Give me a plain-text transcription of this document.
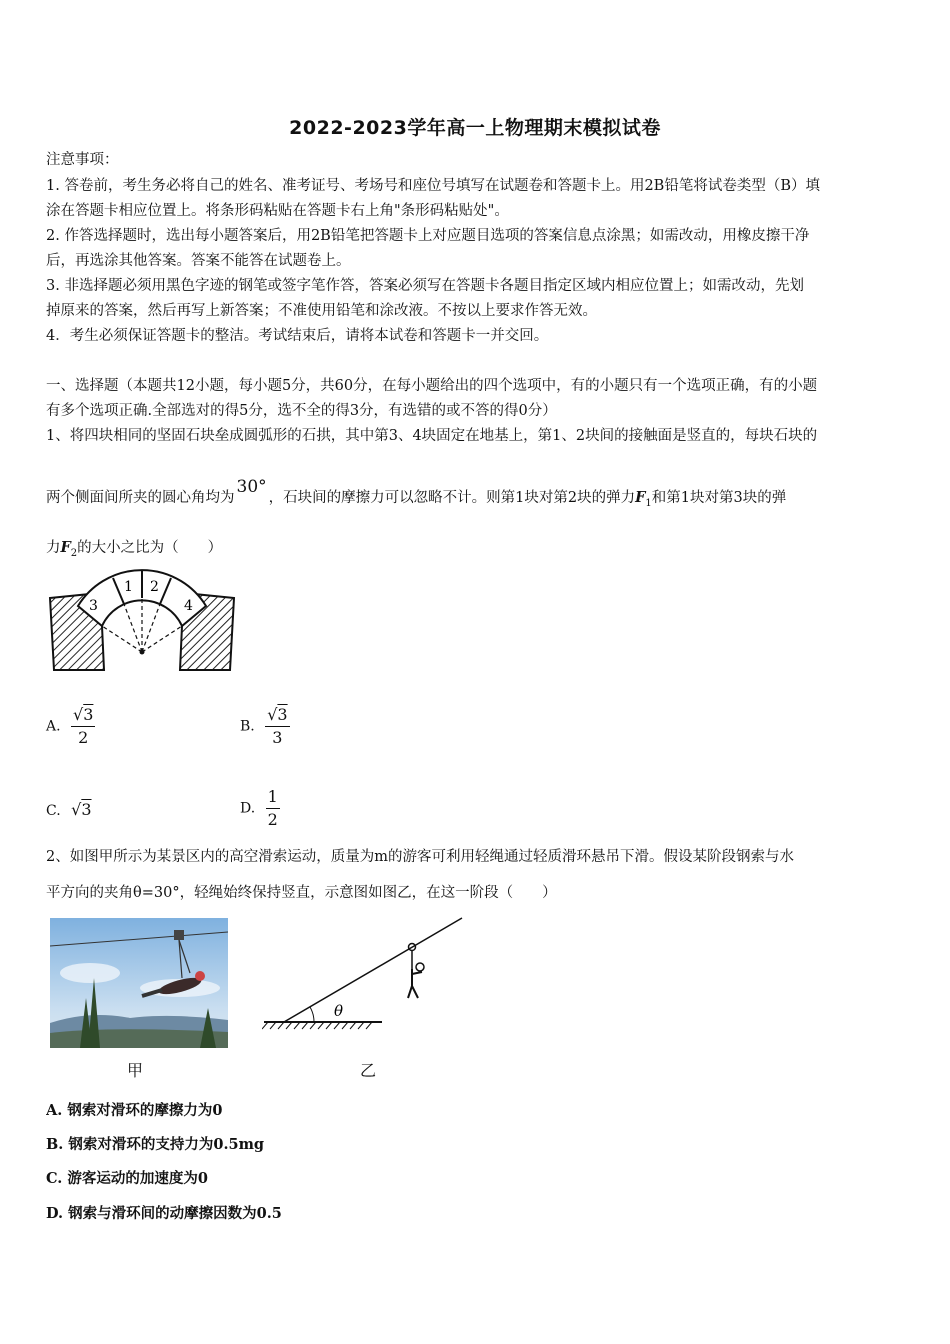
2022-2023学年高一上物理期末模拟试卷
注意事项：
1. 答卷前，考生务必将自己的姓名、准考证号、考场号和座位号填写在试题卷和答题卡上。用2B铅笔将试卷类型（B）填
涂在答题卡相应位置上。将条形码粘贴在答题卡右上角"条形码粘贴处"。
2. 作答选择题时，选出每小题答案后，用2B铅笔把答题卡上对应题目选项的答案信息点涂黑；如需改动，用橡皮擦干净
后，再选涂其他答案。答案不能答在试题卷上。
3. 非选择题必须用黑色字迹的钢笔或签字笔作答，答案必须写在答题卡各题目指定区域内相应位置上；如需改动，先划
掉原来的答案，然后再写上新答案；不准使用铅笔和涂改液。不按以上要求作答无效。
4．考生必须保证答题卡的整洁。考试结束后，请将本试卷和答题卡一并交回。
一、选择题（本题共12小题，每小题5分，共60分，在每小题给出的四个选项中，有的小题只有一个选项正确，有的小题
有多个选项正确.全部选对的得5分，选不全的得3分，有选错的或不答的得0分）
1、将四块相同的坚固石块垒成圆弧形的石拱，其中第3、4块固定在地基上，第1、2块间的接触面是竖直的，每块石块的
两个侧面间所夹的圆心角均为30°，石块间的摩擦力可以忽略不计。则第1块对第2块的弹力$F_1$和第1块对第3块的弹
力$F_2$的大小之比为（　　）
1 2
3	4
A. $\frac{√3}{2}$	B. $\frac{√3}{3}$
C. √3	D. $\frac{1}{2}$
2、如图甲所示为某景区内的高空滑索运动，质量为m的游客可利用轻绳通过轻质滑环悬吊下滑。假设某阶段钢索与水
平方向的夹角θ=30°，轻绳始终保持竖直，示意图如图乙，在这一阶段（　　）
甲
θ
乙
A. 钢索对滑环的摩擦力为0
B. 钢索对滑环的支持力为0.5mg
C. 游客运动的加速度为0
D. 钢索与滑环间的动摩擦因数为0.5
